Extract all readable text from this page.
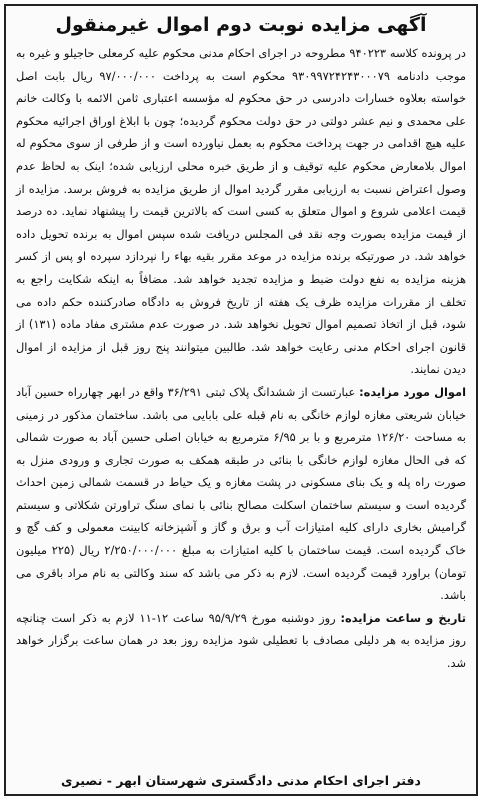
آگهی مزایده نوبت دوم اموال غیرمنقول

در پرونده کلاسه ۹۴۰۲۲۳ مطروحه در اجرای احکام مدنی محکوم علیه کرمعلی حاجیلو و غیره به موجب دادنامه ۹۳۰۹۹۷۲۴۲۴۳۰۰۰۷۹ محکوم است به پرداخت ۹۷/۰۰۰/۰۰۰ ریال بابت اصل خواسته بعلاوه خسارات دادرسی در حق محکوم له مؤسسه اعتباری ثامن الائمه با وکالت خانم علی محمدی و نیم عشر دولتی در حق دولت محکوم گردیده؛ چون با ابلاغ اوراق اجرائیه محکوم علیه هیچ اقدامی در جهت پرداخت محکوم به بعمل نیاورده است و از طرفی از سوی محکوم له اموال بلامعارض محکوم علیه توقیف و از طریق خبره محلی ارزیابی شده؛ اینک به لحاظ عدم وصول اعتراض نسبت به ارزیابی مقرر گردید اموال از طریق مزایده به فروش برسد. مزایده از قیمت اعلامی شروع و اموال متعلق به کسی است که بالاترین قیمت را پیشنهاد نماید. ده درصد از قیمت مزایده بصورت وجه نقد فی المجلس دریافت شده سپس اموال به برنده تحویل داده خواهد شد. در صورتیکه برنده مزایده در موعد مقرر بقیه بهاء را نپردازد سپرده او پس از کسر هزینه مزایده به نفع دولت ضبط و مزایده تجدید خواهد شد. مضافاً به اینکه شکایت راجع به تخلف از مقررات مزایده ظرف یک هفته از تاریخ فروش به دادگاه صادرکننده حکم داده می شود، قبل از اتخاذ تصمیم اموال تحویل نخواهد شد. در صورت عدم مشتری مفاد ماده (۱۳۱) از قانون اجرای احکام مدنی رعایت خواهد شد. طالبین میتوانند پنج روز قبل از مزایده از اموال دیدن نمایند.

اموال مورد مزایده: عبارتست از ششدانگ پلاک ثبتی ۳۶/۲۹۱ واقع در ابهر چهارراه حسین آباد خیابان شریعتی مغازه لوازم خانگی به نام قبله علی بابایی می باشد. ساختمان مذکور در زمینی به مساحت ۱۲۶/۲۰ مترمربع و با بر ۶/۹۵ مترمربع به خیابان اصلی حسین آباد به صورت شمالی که فی الحال مغازه لوازم خانگی با بنائی در طبقه همکف به صورت تجاری و ورودی منزل به صورت راه پله و یک بنای مسکونی در پشت مغازه و یک حیاط در قسمت شمالی زمین احداث گردیده است و سیستم ساختمان اسکلت مصالح بنائی با نمای سنگ تراورتن شکلاتی و سیستم گرامیش بخاری دارای کلیه امتیازات آب و برق و گاز و آشپزخانه کابینت معمولی و کف گچ و خاک گردیده است. قیمت ساختمان با کلیه امتیازات به مبلغ ۲/۲۵۰/۰۰۰/۰۰۰ ریال (۲۲۵ میلیون تومان) براورد قیمت گردیده است. لازم به ذکر می باشد که سند وکالتی به نام مراد باقری می باشد.

تاریخ و ساعت مزایده: روز دوشنبه مورخ ۹۵/۹/۲۹ ساعت ۱۲-۱۱ لازم به ذکر است چنانچه روز مزایده به هر دلیلی مصادف با تعطیلی شود مزایده روز بعد در همان ساعت برگزار خواهد شد.

دفتر اجرای احکام مدنی دادگستری شهرستان ابهر - نصیری
